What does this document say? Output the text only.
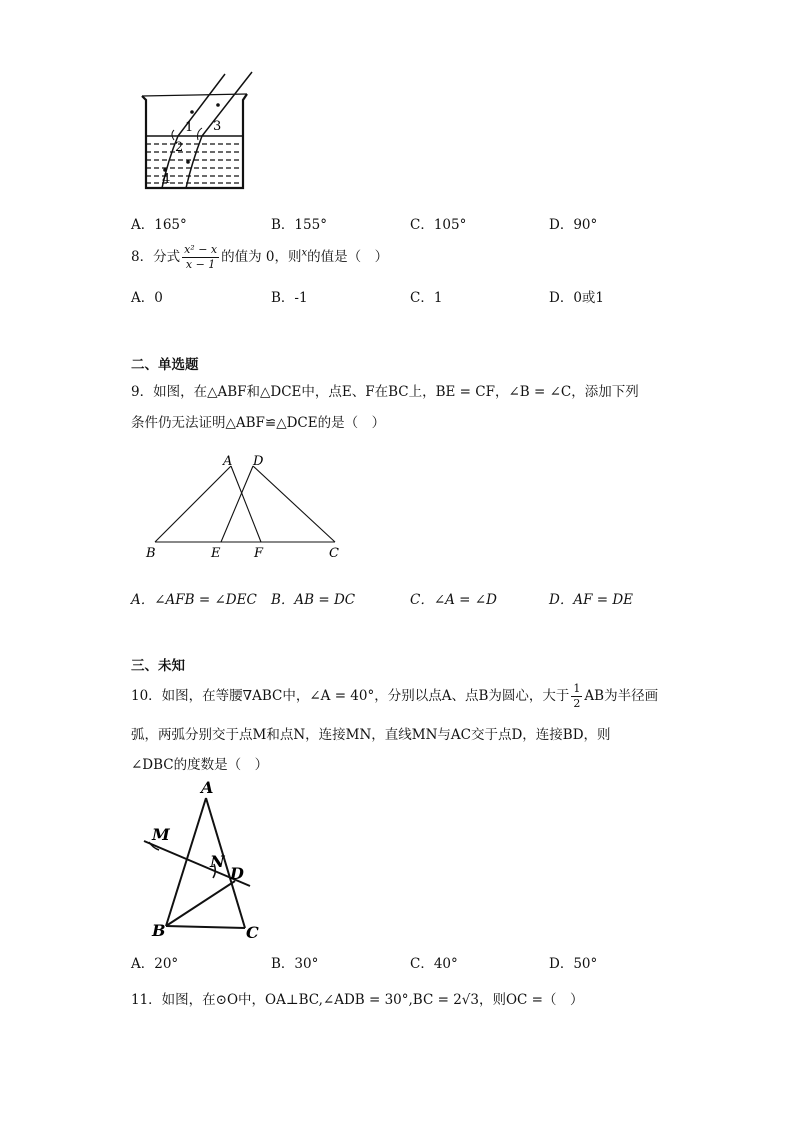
1
2
3
4
A．165°	B．155°	C．105°	D．90°
8．分式 $\frac{\text{x² − x}}{x - 1}$ 的值为 0，则$^x$的值是（　）
A．0	B．-1	C．1	D．0或1
二、单选题
9．如图，在△ABF和△DCE中，点E、F在BC上，BE = CF，∠B = ∠C，添加下列
条件仍无法证明△ABF≌△DCE的是（　）
A D
B	E	F	C
A．∠AFB = ∠DEC B．AB = DC	C．∠A = ∠D	D．AF = DE
三、未知
10．如图，在等腰∇ABC中，∠A = 40°，分别以点A、点B为圆心，大于 $\frac{1}{2}$ AB为半径画
弧，两弧分别交于点M和点N，连接MN，直线MN与AC交于点D，连接BD，则
∠DBC的度数是（　）
A
B	C
M
N
D
A．20°	B．30°	C．40°	D．50°
11．如图，在⊙O中，OA⊥BC,∠ADB = 30°,BC = 2√3，则OC =（　）
